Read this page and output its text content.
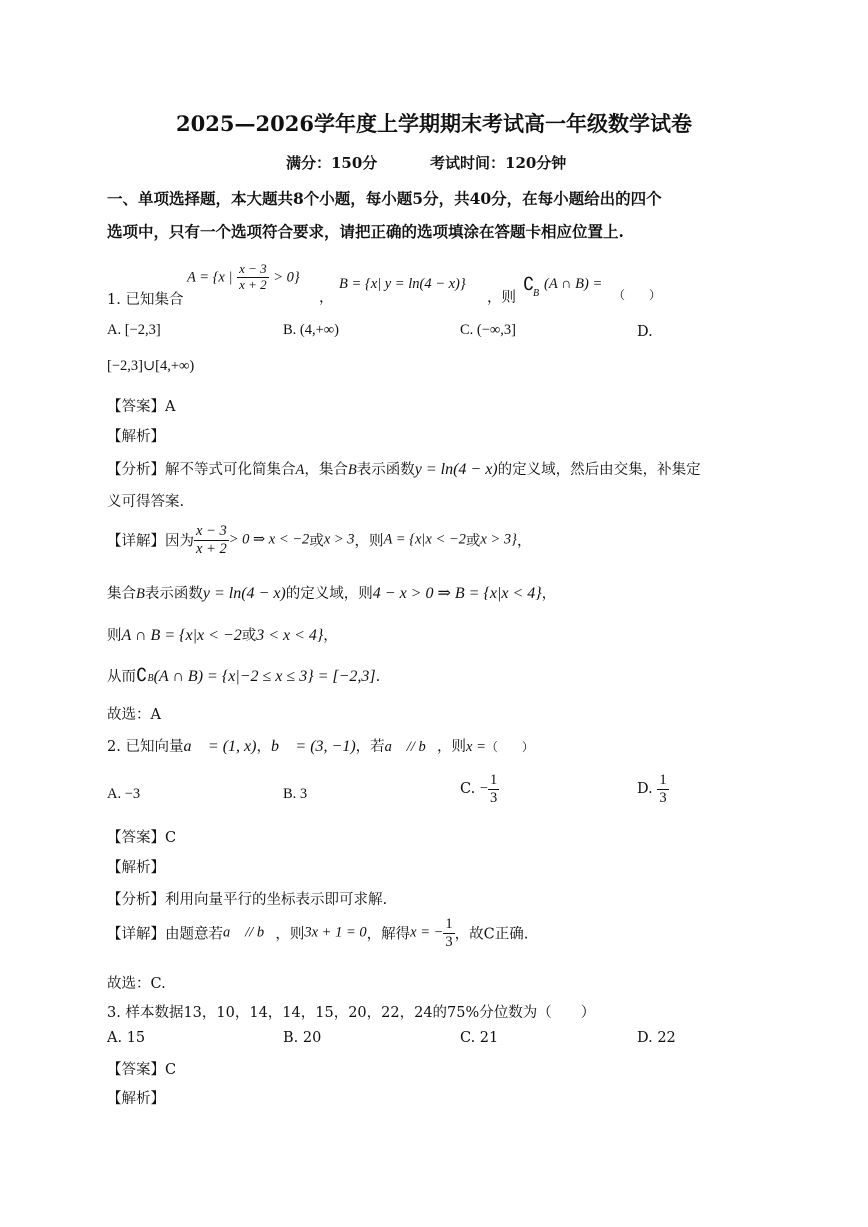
2025—2026学年度上学期期末考试高一年级数学试卷
满分：150分	考试时间：120分钟
一、单项选择题，本大题共8个小题，每小题5分，共40分，在每小题给出的四个
选项中，只有一个选项符合要求，请把正确的选项填涂在答题卡相应位置上.
1. 已知集合
A = {x | $\frac{x - 3}{x + 2} > 0$}
，
B = {x| y = ln(4 − x)}
，则
∁
B
(A ∩ B) =
（　　）
A. [−2,3]	B. (4,+∞)	C. (−∞,3]	D.
[−2,3]∪[4,+∞)
【答案】A
【解析】
【分析】解不等式可化简集合A，集合B表示函数y = ln(4 − x)的定义域，然后由交集，补集定
义可得答案.
【详解】因为 $\frac{x - 3}{x + 2} > 0$ ⇒ x < −2或x > 3，则A = {x|x < −2或x > 3}，
集合B表示函数y = ln(4 − x)的定义域，则4 − x > 0 ⇒ B = {x|x < 4}，
则A ∩ B = {x|x < −2或3 < x < 4}，
从而∁B(A ∩ B) = {x|−2 ≤ x ≤ 3} = [−2,3].
故选：A
2. 已知向量a⃗ = (1, x)，b⃗ = (3, −1)，若a⃗ // b⃗，则x =（　　）
A. −3	B. 3	C. − $\frac{1}{3}$	D. $\frac{1}{3}$
【答案】C
【解析】
【分析】利用向量平行的坐标表示即可求解.
【详解】由题意若a⃗ // b⃗，则3x + 1 = 0，解得x = − $\frac{1}{3}$ ，故C正确.
故选：C.
3. 样本数据13，10，14，14，15，20，22，24的75%分位数为（　　）
A. 15	B. 20	C. 21	D. 22
【答案】C
【解析】
